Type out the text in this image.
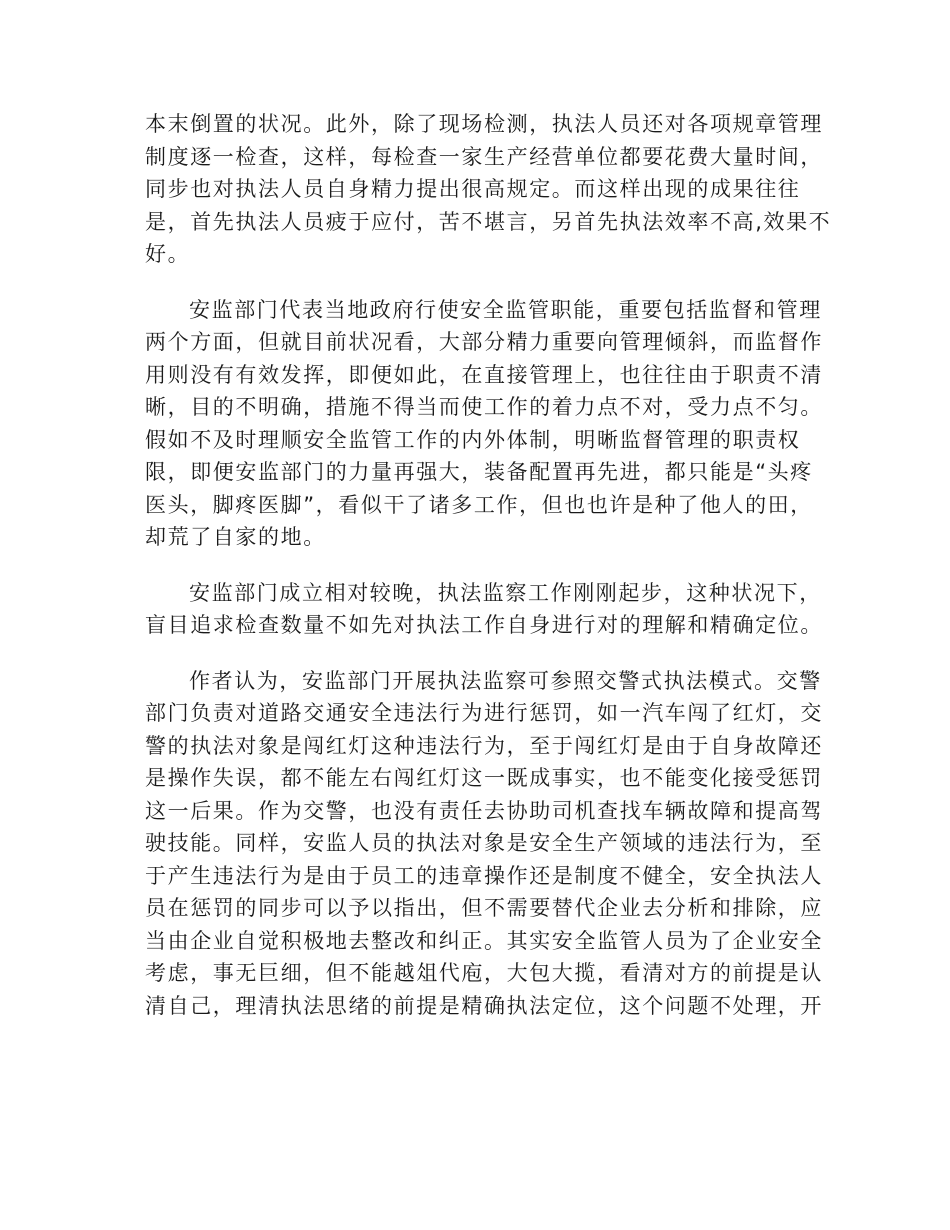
本末倒置的状况。此外，除了现场检测，执法人员还对各项规章管理
制度逐一检查，这样，每检查一家生产经营单位都要花费大量时间，
同步也对执法人员自身精力提出很高规定。而这样出现的成果往往
是，首先执法人员疲于应付，苦不堪言，另首先执法效率不高,效果不
好。
安监部门代表当地政府行使安全监管职能，重要包括监督和管理
两个方面，但就目前状况看，大部分精力重要向管理倾斜，而监督作
用则没有有效发挥，即便如此，在直接管理上，也往往由于职责不清
晰，目的不明确，措施不得当而使工作的着力点不对，受力点不匀。
假如不及时理顺安全监管工作的内外体制，明晰监督管理的职责权
限，即便安监部门的力量再强大，装备配置再先进，都只能是“头疼
医头，脚疼医脚”，看似干了诸多工作，但也也许是种了他人的田，
却荒了自家的地。
安监部门成立相对较晚，执法监察工作刚刚起步，这种状况下，
盲目追求检查数量不如先对执法工作自身进行对的理解和精确定位。
作者认为，安监部门开展执法监察可参照交警式执法模式。交警
部门负责对道路交通安全违法行为进行惩罚，如一汽车闯了红灯，交
警的执法对象是闯红灯这种违法行为，至于闯红灯是由于自身故障还
是操作失误，都不能左右闯红灯这一既成事实，也不能变化接受惩罚
这一后果。作为交警，也没有责任去协助司机查找车辆故障和提高驾
驶技能。同样，安监人员的执法对象是安全生产领域的违法行为，至
于产生违法行为是由于员工的违章操作还是制度不健全，安全执法人
员在惩罚的同步可以予以指出，但不需要替代企业去分析和排除，应
当由企业自觉积极地去整改和纠正。其实安全监管人员为了企业安全
考虑，事无巨细，但不能越俎代庖，大包大揽，看清对方的前提是认
清自己，理清执法思绪的前提是精确执法定位，这个问题不处理，开
